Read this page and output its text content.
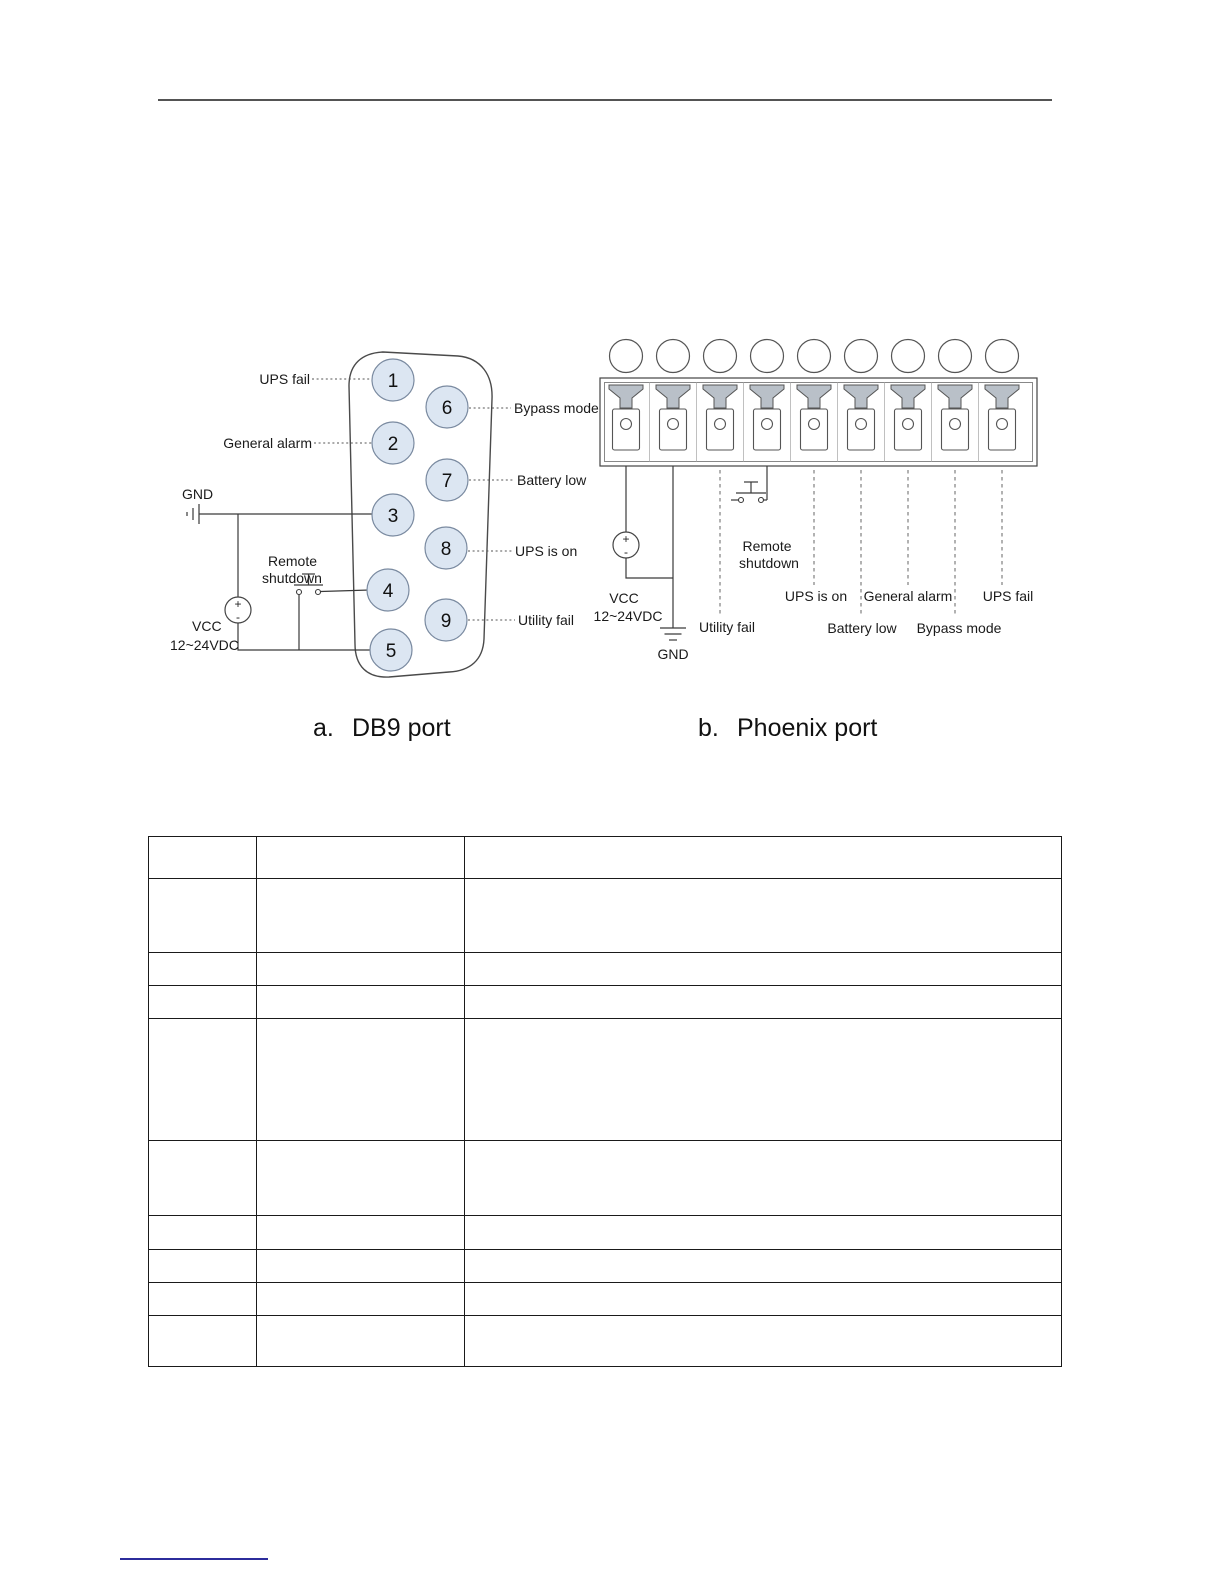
+
-
1
2
3
4
5
6
7
8
9
UPS fail
General alarm
GND
Remote
shutdown
VCC
12~24VDC
Bypass mode
Battery low
UPS is on
Utility fail
a. DB9 port	b. Phoenix port
+
-
VCC
12~24VDC
GND
Remote
shutdown
Utility fail
UPS is on
Battery low
General alarm
Bypass mode
UPS fail
